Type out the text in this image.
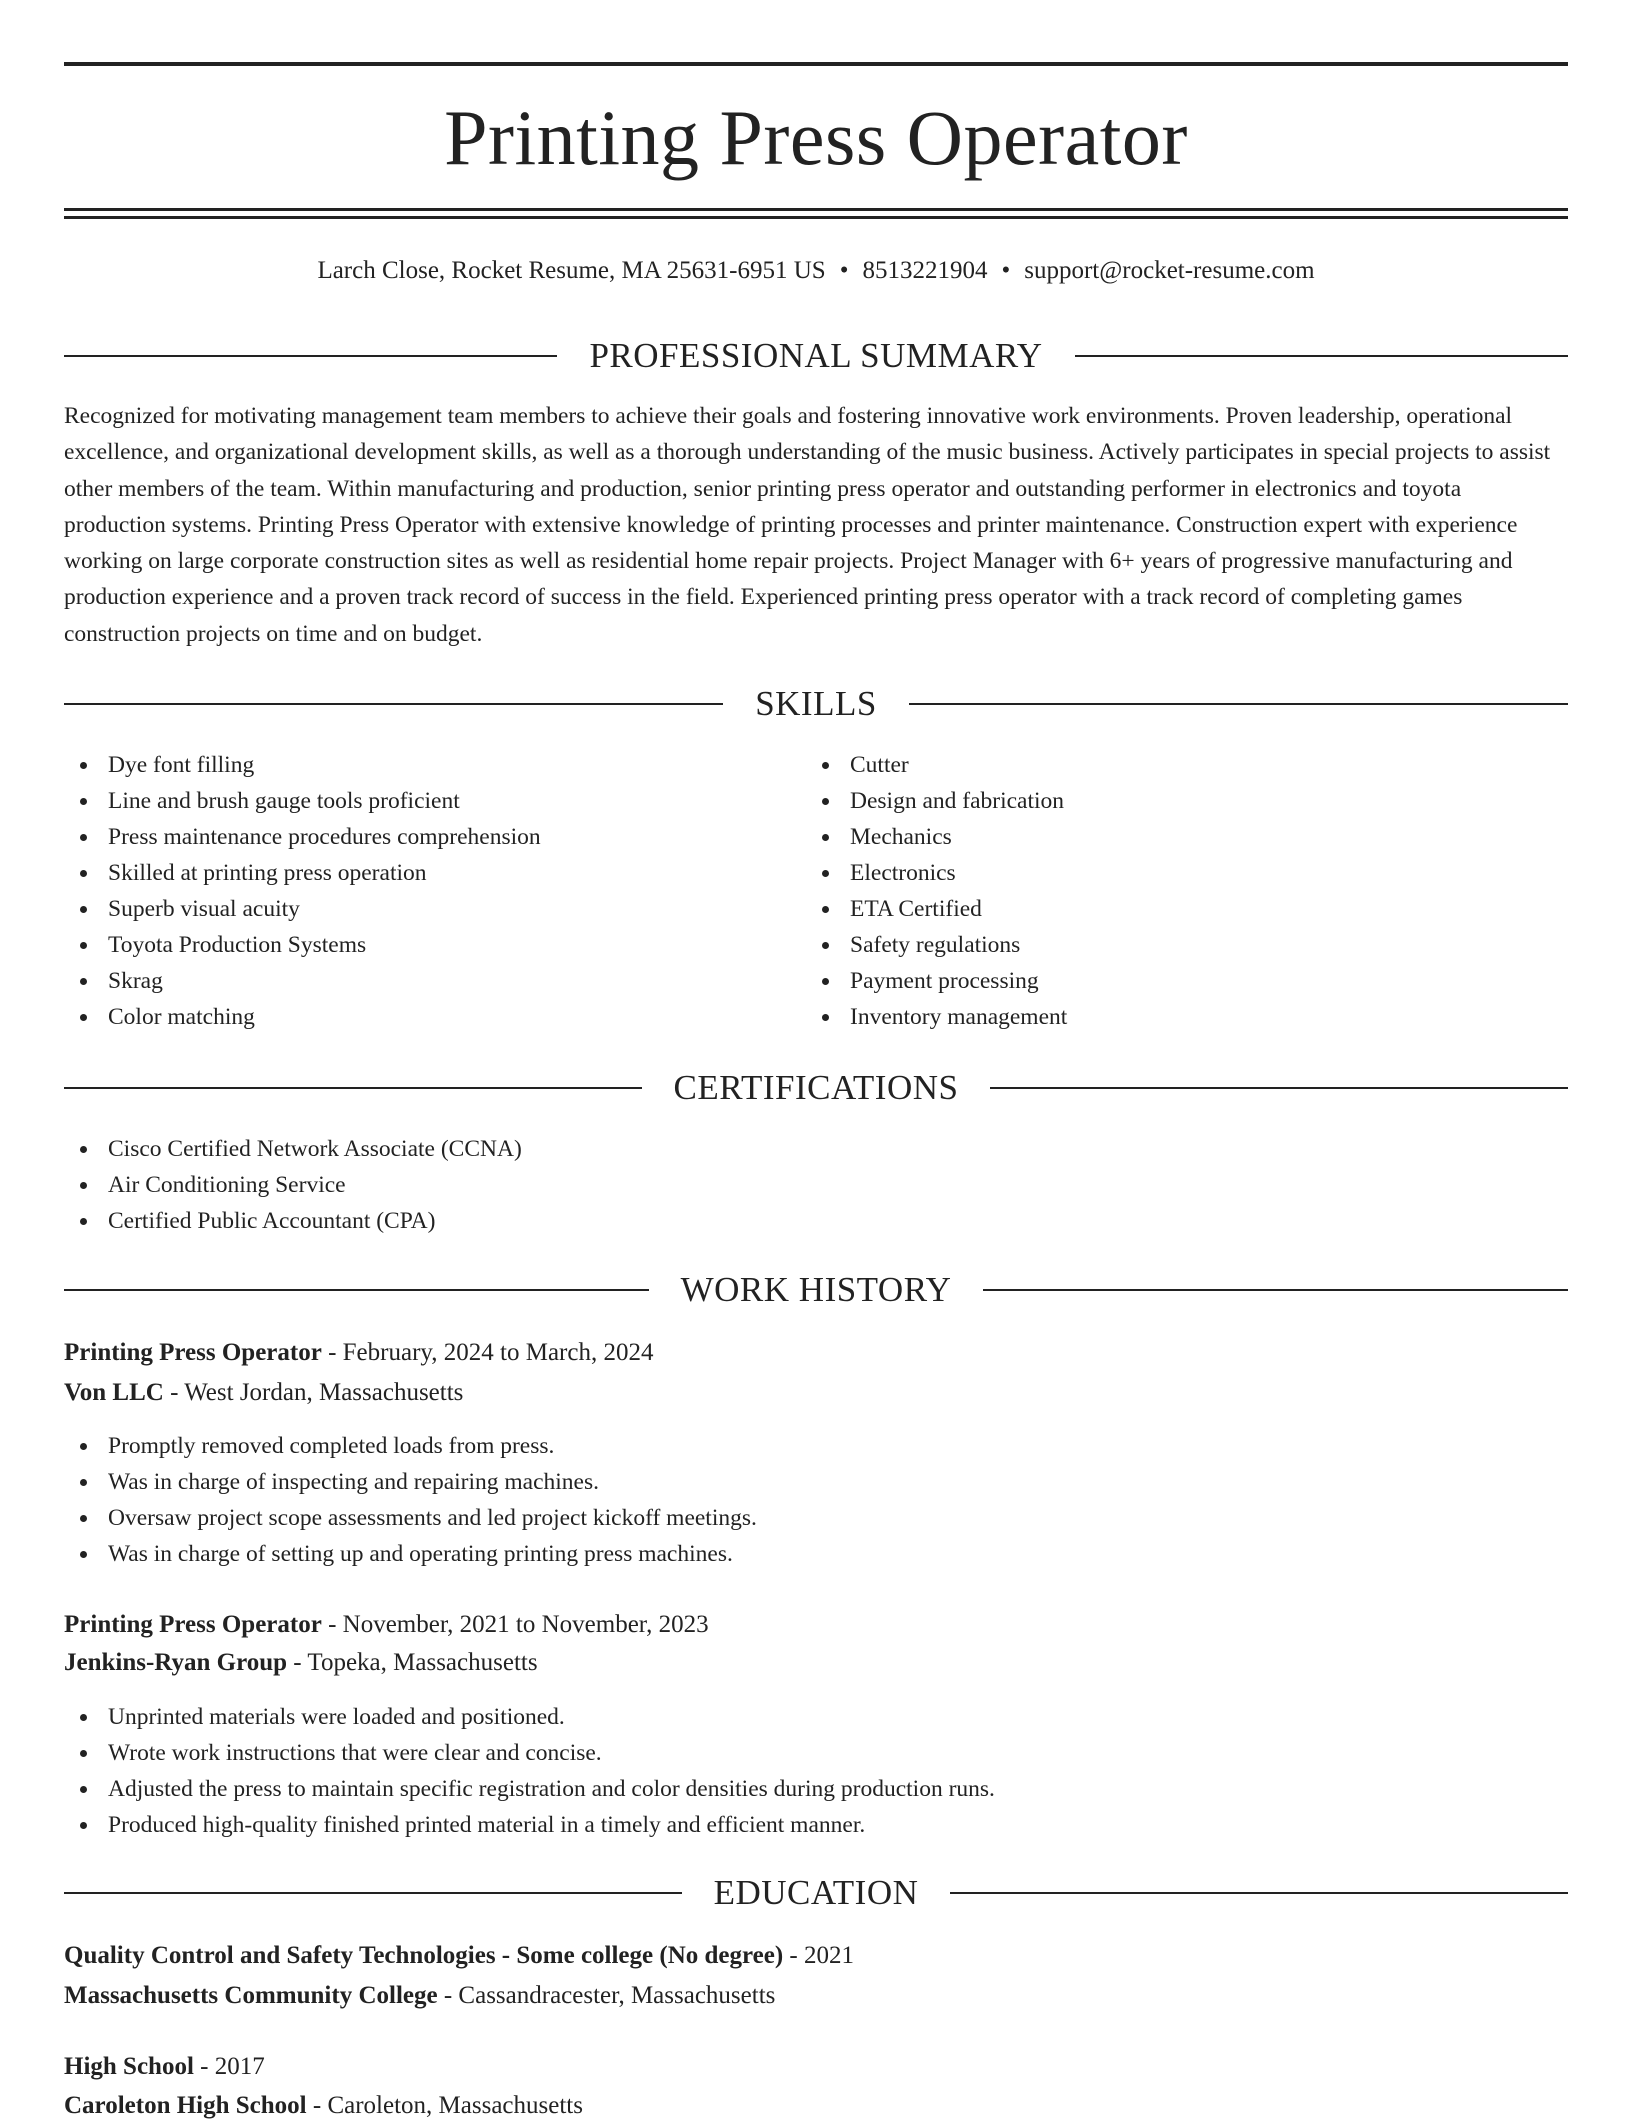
Printing Press Operator
Larch Close, Rocket Resume, MA 25631-6951 US • 8513221904 • support@rocket-resume.com
PROFESSIONAL SUMMARY

Recognized for motivating management team members to achieve their goals and fostering innovative work environments. Proven leadership, operational excellence, and organizational development skills, as well as a thorough understanding of the music business. Actively participates in special projects to assist other members of the team. Within manufacturing and production, senior printing press operator and outstanding performer in electronics and toyota production systems. Printing Press Operator with extensive knowledge of printing processes and printer maintenance. Construction expert with experience working on large corporate construction sites as well as residential home repair projects. Project Manager with 6+ years of progressive manufacturing and production experience and a proven track record of success in the field. Experienced printing press operator with a track record of completing games construction projects on time and on budget.

SKILLS
Dye font filling
Line and brush gauge tools proficient
Press maintenance procedures comprehension
Skilled at printing press operation
Superb visual acuity
Toyota Production Systems
Skrag
Color matching
Cutter
Design and fabrication
Mechanics
Electronics
ETA Certified
Safety regulations
Payment processing
Inventory management
CERTIFICATIONS
Cisco Certified Network Associate (CCNA)
Air Conditioning Service
Certified Public Accountant (CPA)
WORK HISTORY
Printing Press Operator - February, 2024 to March, 2024
Von LLC - West Jordan, Massachusetts
Promptly removed completed loads from press.
Was in charge of inspecting and repairing machines.
Oversaw project scope assessments and led project kickoff meetings.
Was in charge of setting up and operating printing press machines.
Printing Press Operator - November, 2021 to November, 2023
Jenkins-Ryan Group - Topeka, Massachusetts
Unprinted materials were loaded and positioned.
Wrote work instructions that were clear and concise.
Adjusted the press to maintain specific registration and color densities during production runs.
Produced high-quality finished printed material in a timely and efficient manner.
EDUCATION
Quality Control and Safety Technologies - Some college (No degree) - 2021
Massachusetts Community College - Cassandracester, Massachusetts
High School - 2017
Caroleton High School - Caroleton, Massachusetts
